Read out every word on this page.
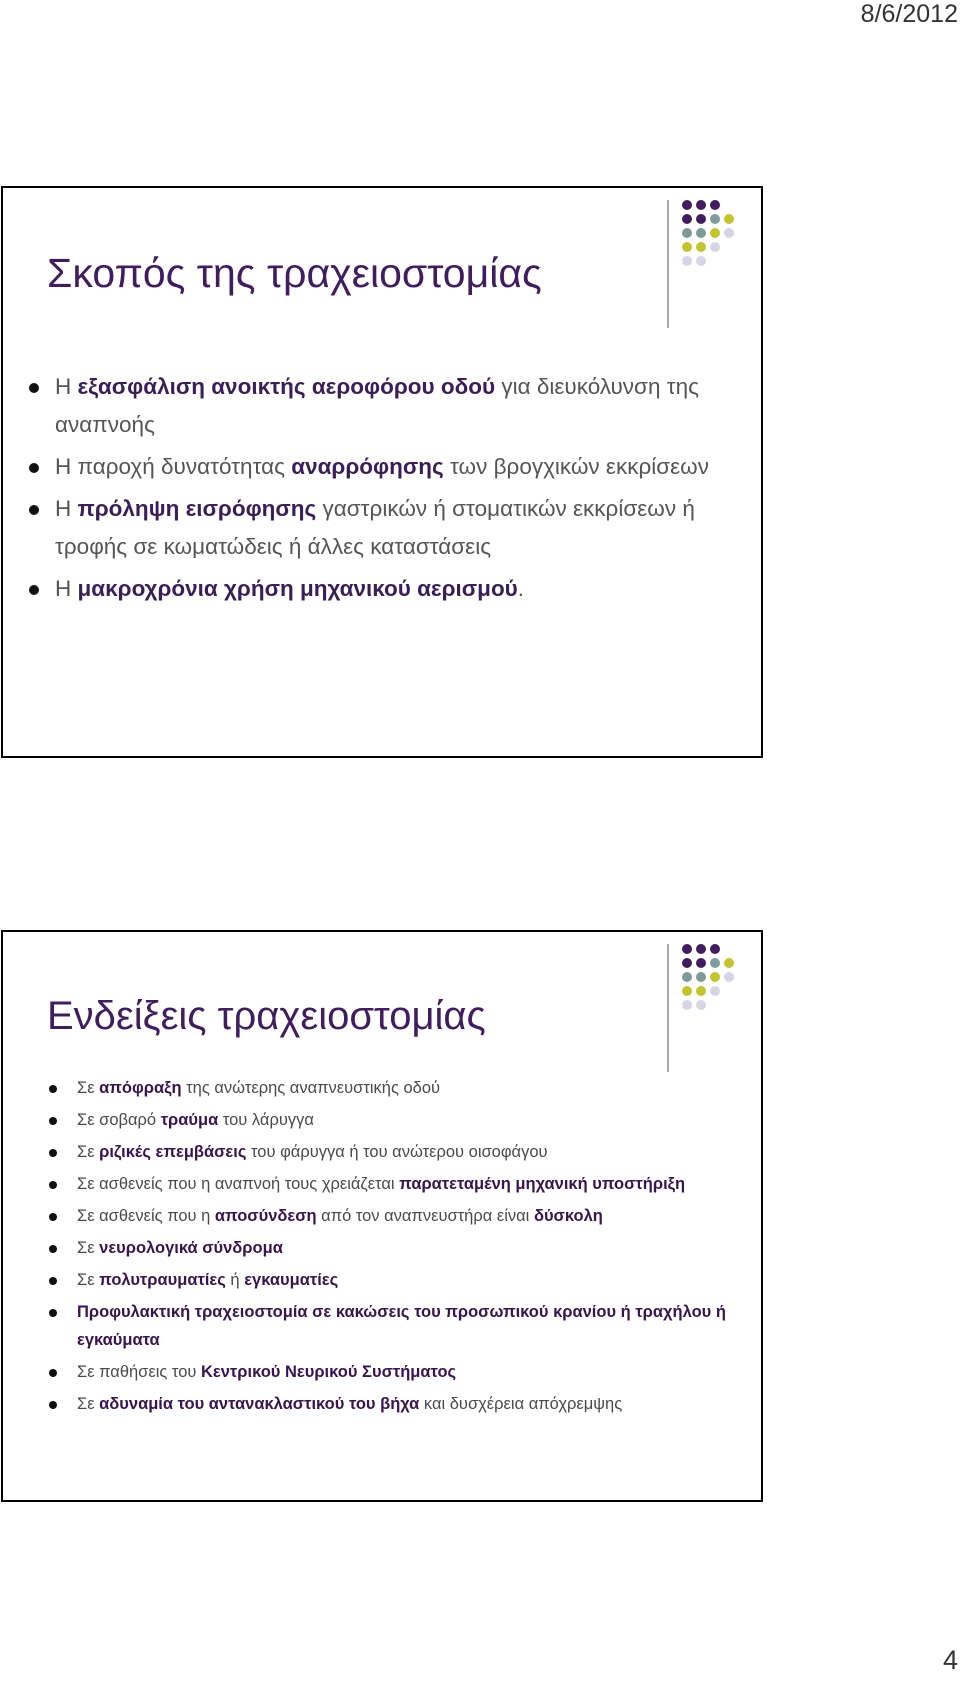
8/6/2012
Σκοπός της τραχειοστομίας
Η εξασφάλιση ανοικτής αεροφόρου οδού για διευκόλυνση της αναπνοής
Η παροχή δυνατότητας αναρρόφησης των βρογχικών εκκρίσεων
Η πρόληψη εισρόφησης γαστρικών ή στοματικών εκκρίσεων ή τροφής σε κωματώδεις ή άλλες καταστάσεις
Η μακροχρόνια χρήση μηχανικού αερισμού.
Ενδείξεις τραχειοστομίας
Σε απόφραξη της ανώτερης αναπνευστικής οδού
Σε σοβαρό τραύμα του λάρυγγα
Σε ριζικές επεμβάσεις του φάρυγγα ή του ανώτερου οισοφάγου
Σε ασθενείς που η αναπνοή τους χρειάζεται παρατεταμένη μηχανική υποστήριξη
Σε ασθενείς που η αποσύνδεση από τον αναπνευστήρα είναι δύσκολη
Σε νευρολογικά σύνδρομα
Σε πολυτραυματίες ή εγκαυματίες
Προφυλακτική τραχειοστομία σε κακώσεις του προσωπικού κρανίου ή τραχήλου ή εγκαύματα
Σε παθήσεις του Κεντρικού Νευρικού Συστήματος
Σε αδυναμία του αντανακλαστικού του βήχα και δυσχέρεια απόχρεμψης
4
